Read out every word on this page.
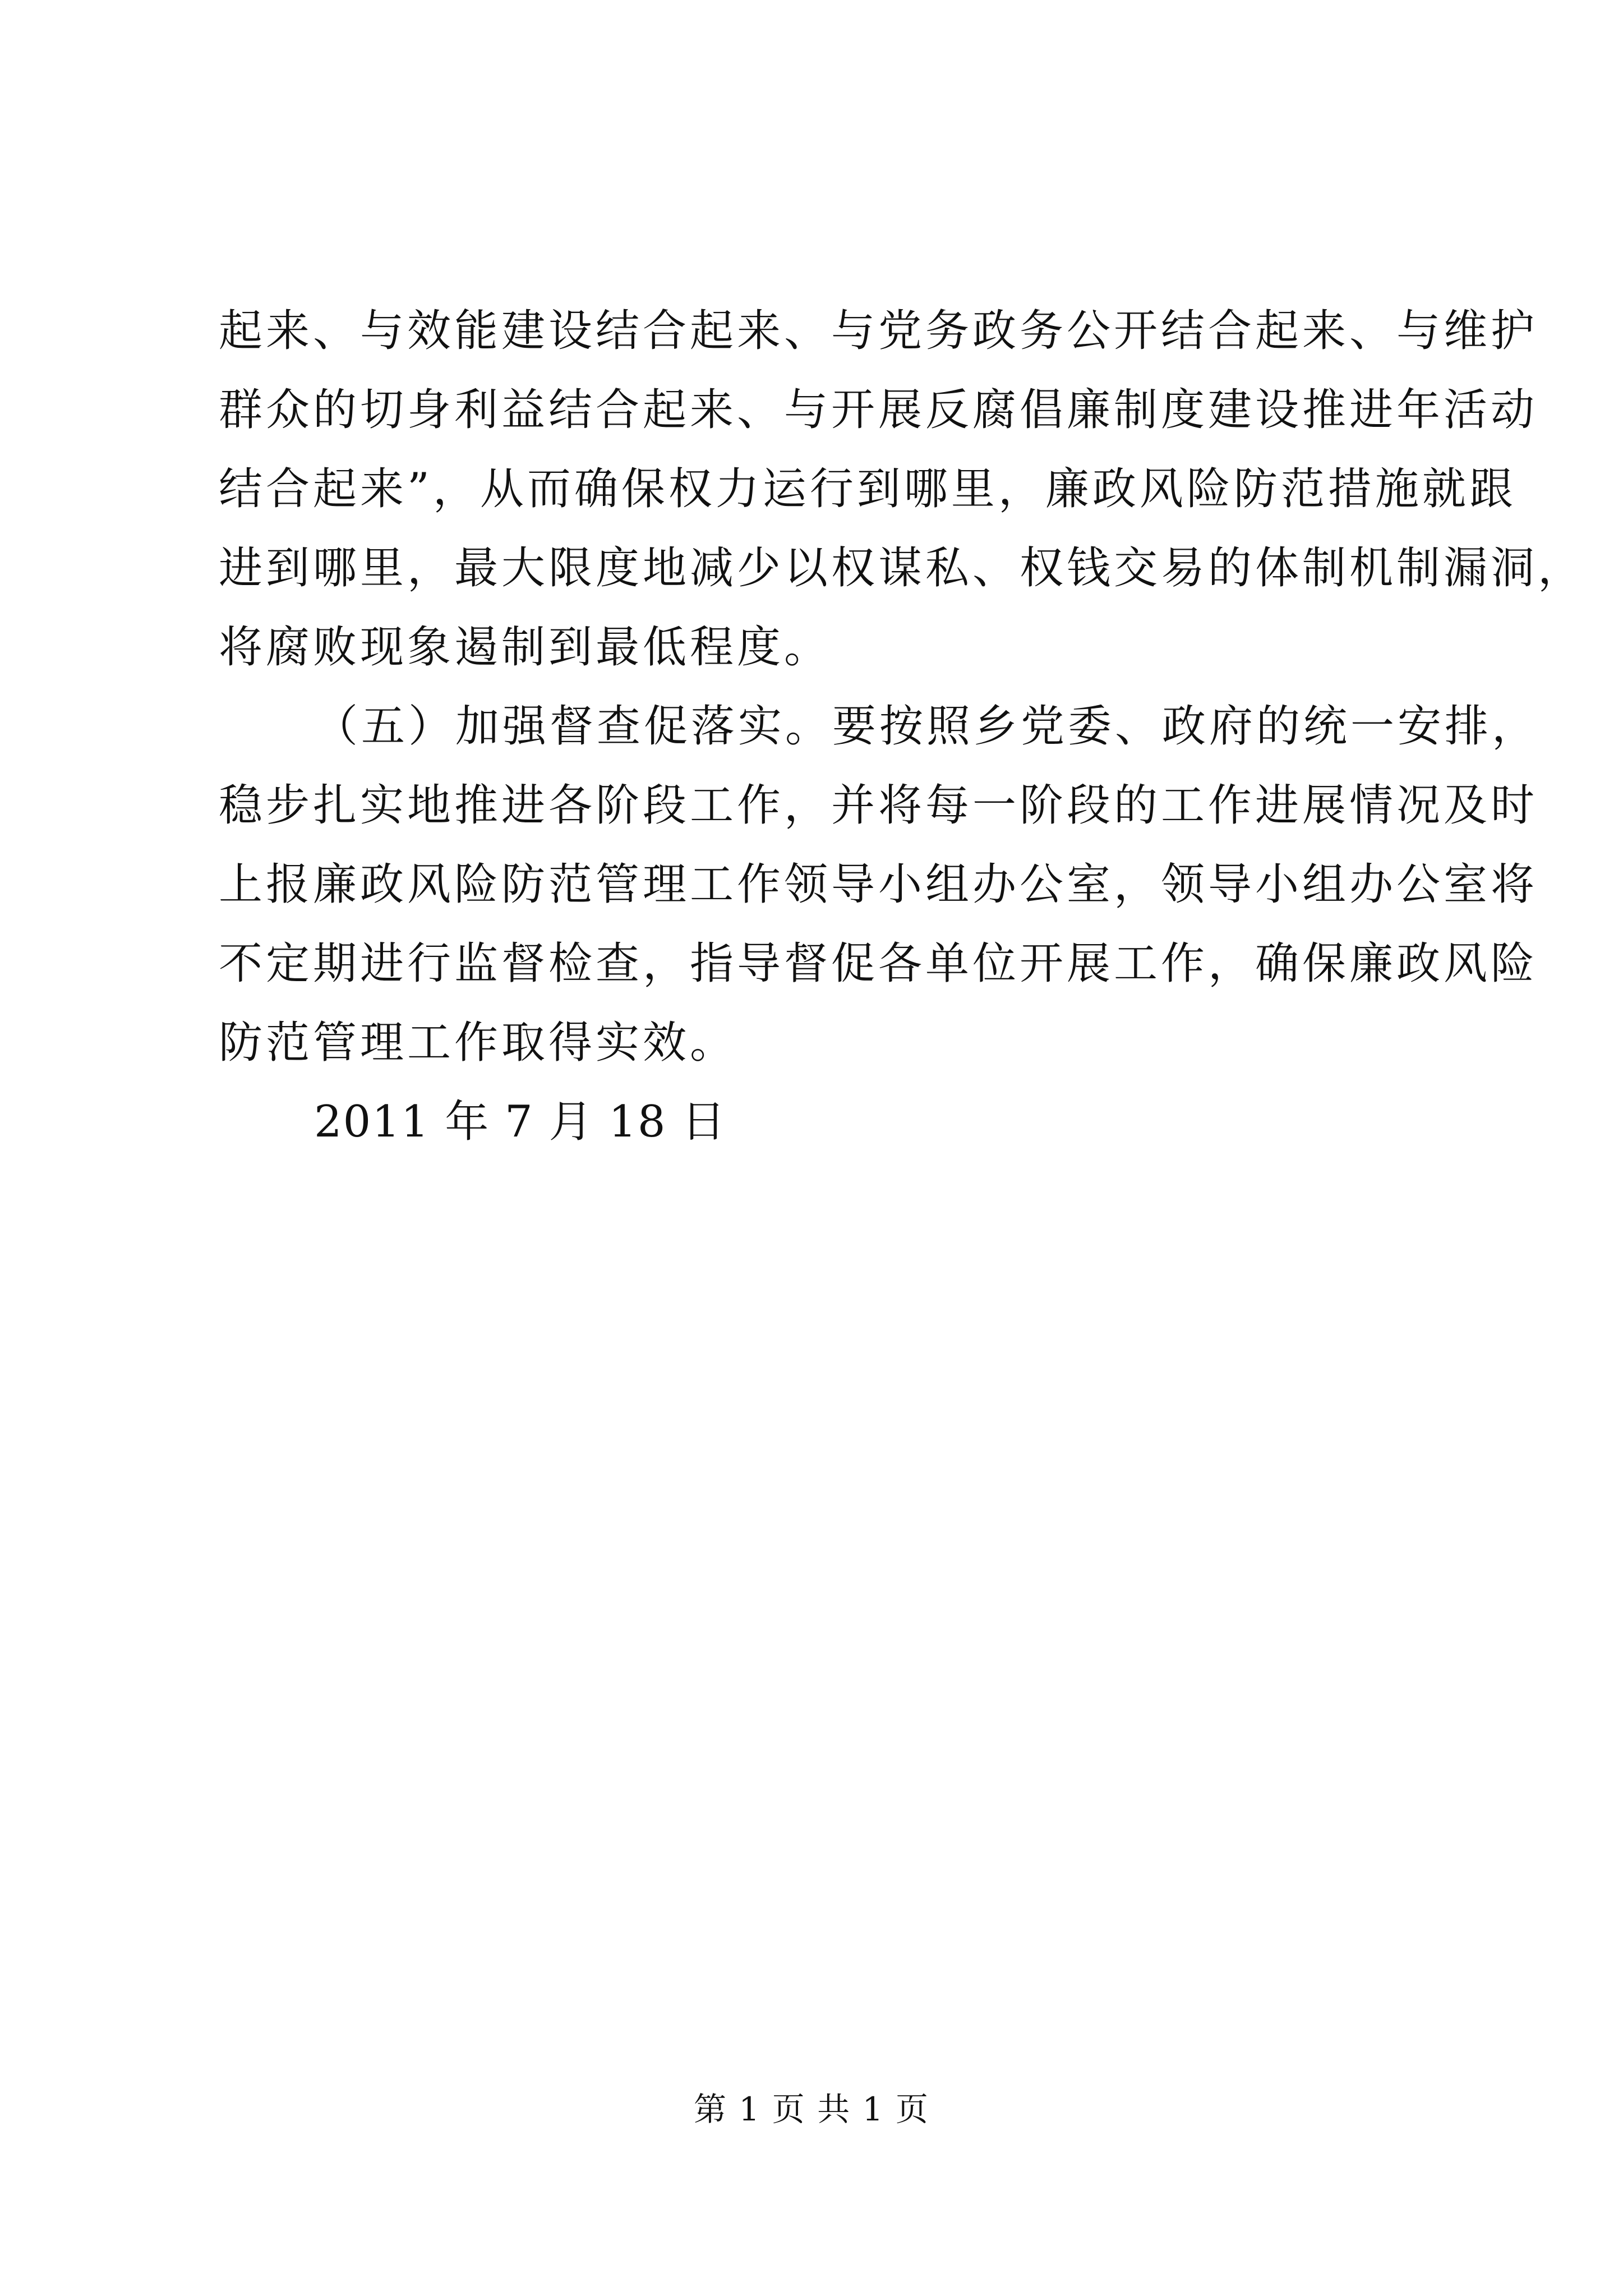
起来、与效能建设结合起来、与党务政务公开结合起来、与维护
群众的切身利益结合起来、与开展反腐倡廉制度建设推进年活动
结合起来”，从而确保权力运行到哪里，廉政风险防范措施就跟
进到哪里，最大限度地减少以权谋私、权钱交易的体制机制漏洞，
将腐败现象遏制到最低程度。
（五）加强督查促落实。要按照乡党委、政府的统一安排，
稳步扎实地推进各阶段工作，并将每一阶段的工作进展情况及时
上报廉政风险防范管理工作领导小组办公室，领导小组办公室将
不定期进行监督检查，指导督促各单位开展工作，确保廉政风险
防范管理工作取得实效。
2011 年 7 月 18 日
第 1 页 共 1 页
